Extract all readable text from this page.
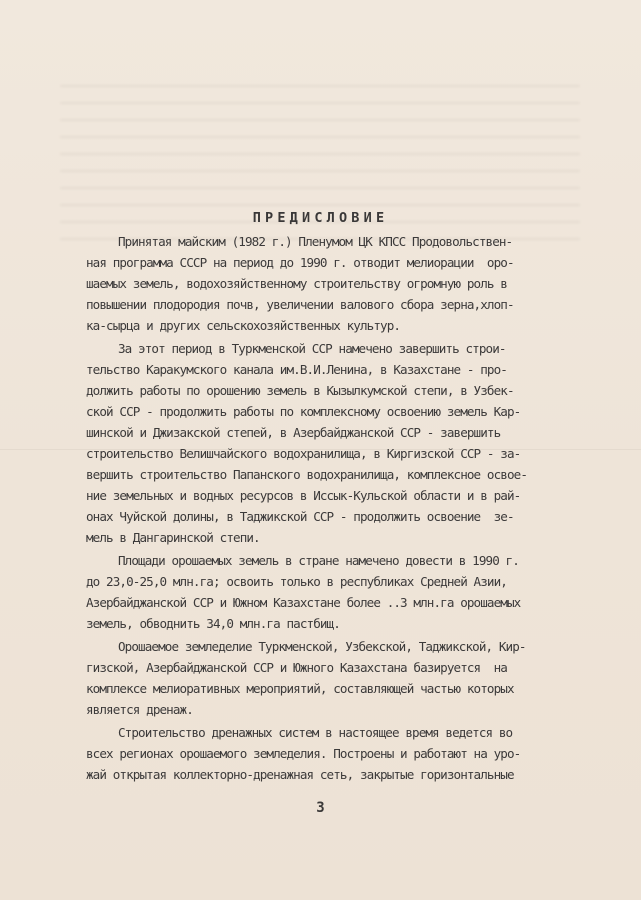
ПРЕДИСЛОВИЕ
Принятая майским (1982 г.) Пленумом ЦК КПСС Продовольствен-
ная программа СССР на период до 1990 г. отводит мелиорации  оро-
шаемых земель, водохозяйственному строительству огромную роль в
повышении плодородия почв, увеличении валового сбора зерна,хлоп-
ка-сырца и других сельскохозяйственных культур.
За этот период в Туркменской ССР намечено завершить строи-
тельство Каракумского канала им.В.И.Ленина, в Казахстане - про-
должить работы по орошению земель в Кызылкумской степи, в Узбек-
ской ССР - продолжить работы по комплексному освоению земель Кар-
шинской и Джизакской степей, в Азербайджанской ССР - завершить
строительство Велишчайского водохранилища, в Киргизской ССР - за-
вершить строительство Папанского водохранилища, комплексное освое-
ние земельных и водных ресурсов в Иссык-Кульской области и в рай-
онах Чуйской долины, в Таджикской ССР - продолжить освоение  зе-
мель в Дангаринской степи.
Площади орошаемых земель в стране намечено довести в 1990 г.
до 23,0-25,0 млн.га; освоить только в республиках Средней Азии,
Азербайджанской ССР и Южном Казахстане более ..3 млн.га орошаемых
земель, обводнить 34,0 млн.га пастбищ.
Орошаемое земледелие Туркменской, Узбекской, Таджикской, Кир-
гизской, Азербайджанской ССР и Южного Казахстана базируется  на
комплексе мелиоративных мероприятий, составляющей частью которых
является дренаж.
Строительство дренажных систем в настоящее время ведется во
всех регионах орошаемого земледелия. Построены и работают на уро-
жай открытая коллекторно-дренажная сеть, закрытые горизонтальные
3
